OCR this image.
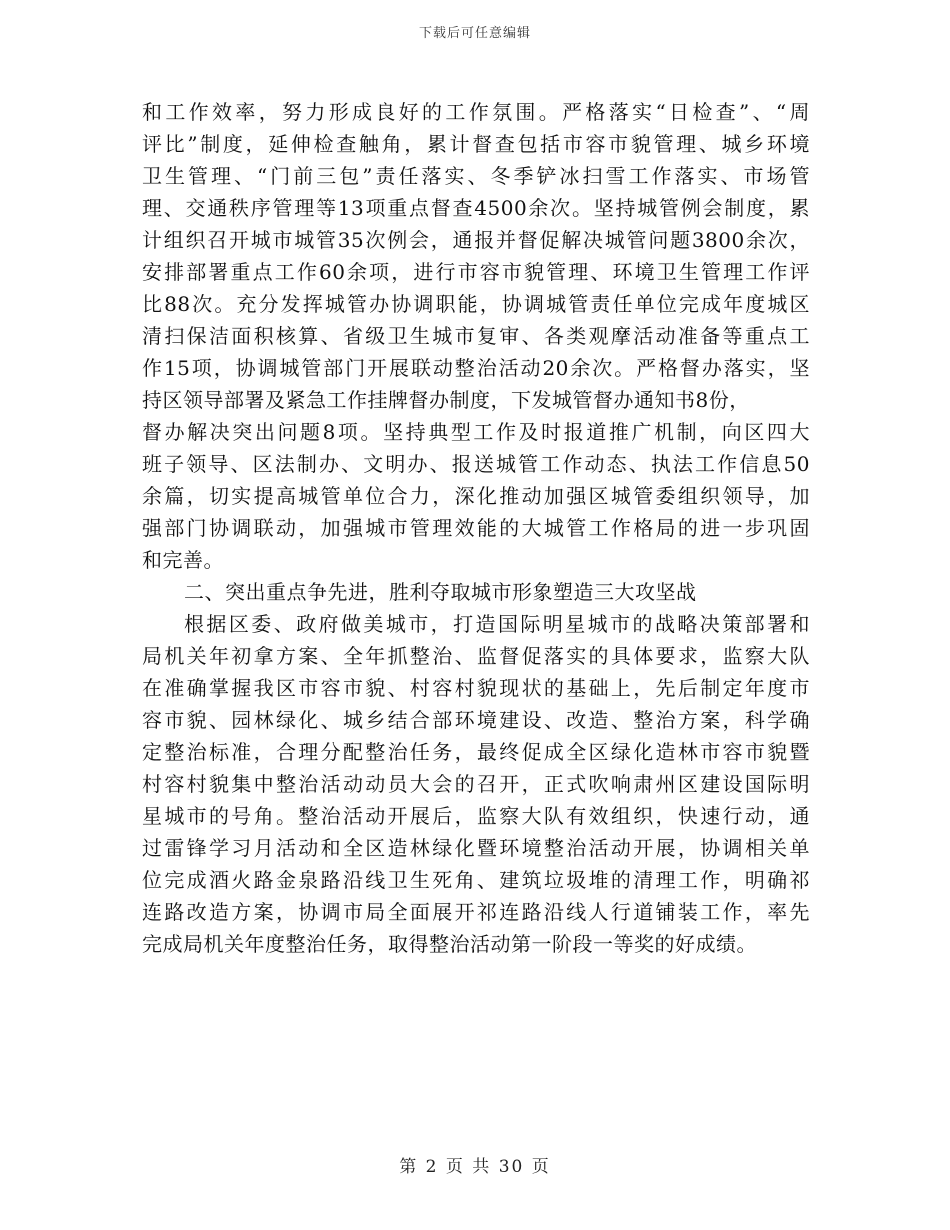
下载后可任意编辑
和工作效率，努力形成良好的工作氛围。严格落实“日检查”、“周
评比”制度，延伸检查触角，累计督查包括市容市貌管理、城乡环境
卫生管理、“门前三包”责任落实、冬季铲冰扫雪工作落实、市场管
理、交通秩序管理等13项重点督查4500余次。坚持城管例会制度，累
计组织召开城市城管35次例会，通报并督促解决城管问题3800余次，
安排部署重点工作60余项，进行市容市貌管理、环境卫生管理工作评
比88次。充分发挥城管办协调职能，协调城管责任单位完成年度城区
清扫保洁面积核算、省级卫生城市复审、各类观摩活动准备等重点工
作15项，协调城管部门开展联动整治活动20余次。严格督办落实，坚
持区领导部署及紧急工作挂牌督办制度，下发城管督办通知书8份，
督办解决突出问题8项。坚持典型工作及时报道推广机制，向区四大
班子领导、区法制办、文明办、报送城管工作动态、执法工作信息50
余篇，切实提高城管单位合力，深化推动加强区城管委组织领导，加
强部门协调联动，加强城市管理效能的大城管工作格局的进一步巩固
和完善。
二、突出重点争先进，胜利夺取城市形象塑造三大攻坚战
根据区委、政府做美城市，打造国际明星城市的战略决策部署和
局机关年初拿方案、全年抓整治、监督促落实的具体要求，监察大队
在准确掌握我区市容市貌、村容村貌现状的基础上，先后制定年度市
容市貌、园林绿化、城乡结合部环境建设、改造、整治方案，科学确
定整治标准，合理分配整治任务，最终促成全区绿化造林市容市貌暨
村容村貌集中整治活动动员大会的召开，正式吹响肃州区建设国际明
星城市的号角。整治活动开展后，监察大队有效组织，快速行动，通
过雷锋学习月活动和全区造林绿化暨环境整治活动开展，协调相关单
位完成酒火路金泉路沿线卫生死角、建筑垃圾堆的清理工作，明确祁
连路改造方案，协调市局全面展开祁连路沿线人行道铺装工作，率先
完成局机关年度整治任务，取得整治活动第一阶段一等奖的好成绩。
第 2 页 共 30 页
